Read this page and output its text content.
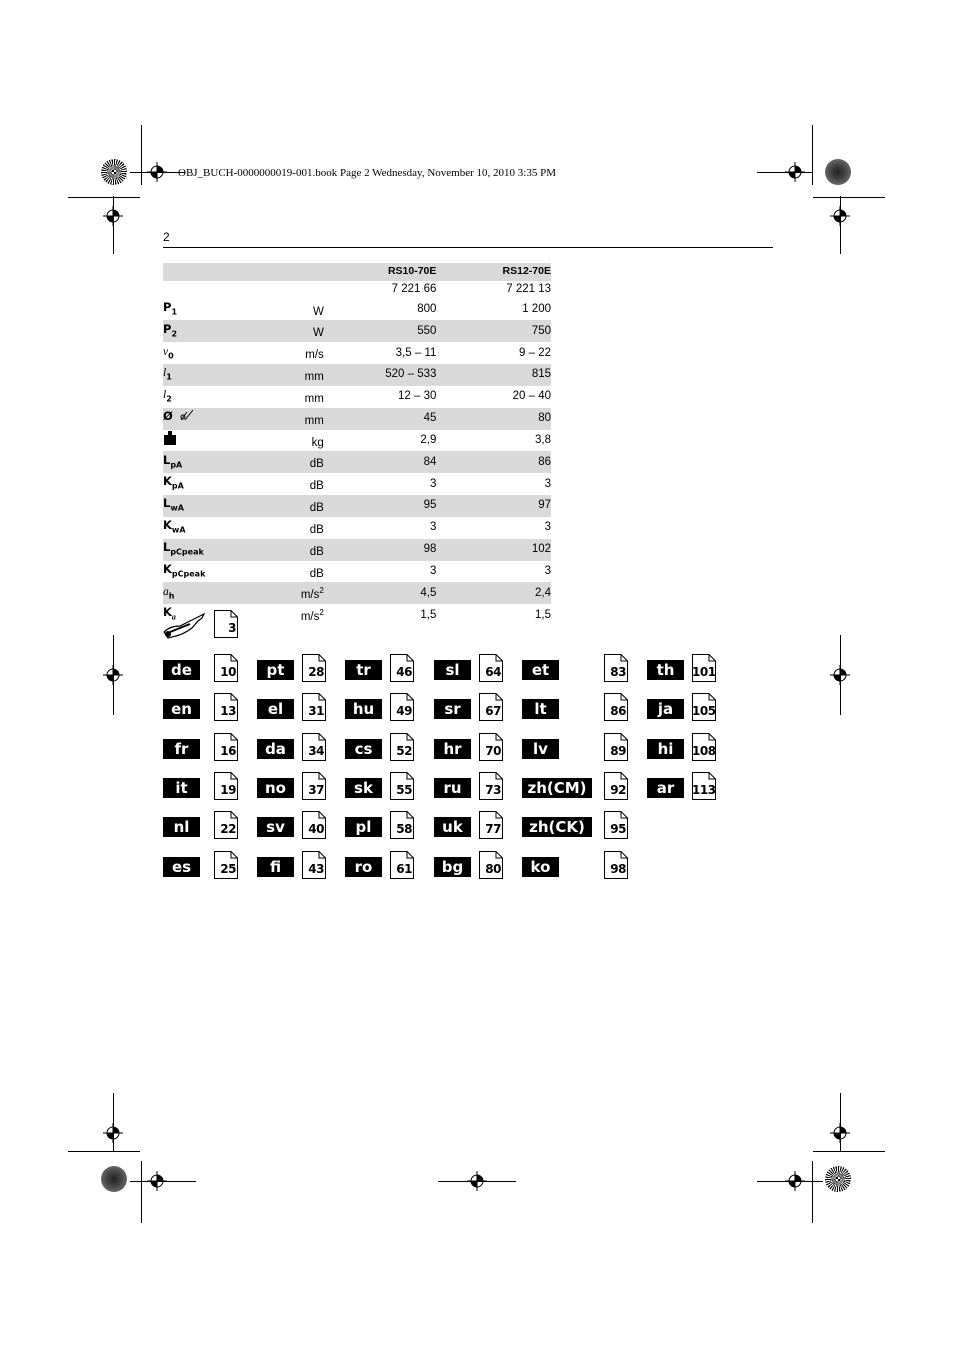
OBJ_BUCH-0000000019-001.book Page 2 Wednesday, November 10, 2010 3:35 PM
2
		RS10-70E	RS12-70E
		7 221 66	7 221 13
$P_1$	W	800	1 200
$P_2$	W	550	750
$v_0$	m/s	3,5 – 11	9 – 22
$l_1$	mm	520 – 533	815
$l_2$	mm	12 – 30	20 – 40
Ø	mm	45	80
	kg	2,9	3,8
$L_{pA}$	dB	84	86
$K_{pA}$	dB	3	3
$L_{wA}$	dB	95	97
$K_{wA}$	dB	3	3
$L_{pCpeak}$	dB	98	102
$K_{pCpeak}$	dB	3	3
$a_h$	$m/s^2$	4,5	2,4
$K_a$	$m/s^2$	1,5	1,5
3
de	10	pt	28	tr	46	sl	64	et	83	th	101
en	13	el	31	hu	49	sr	67	lt	86	ja	105
fr	16	da	34	cs	52	hr	70	lv	89	hi	108
it	19	no	37	sk	55	ru	73	zh(CM)	92	ar	113
nl	22	sv	40	pl	58	uk	77	zh(CK)	95
es	25	fi	43	ro	61	bg	80	ko	98
